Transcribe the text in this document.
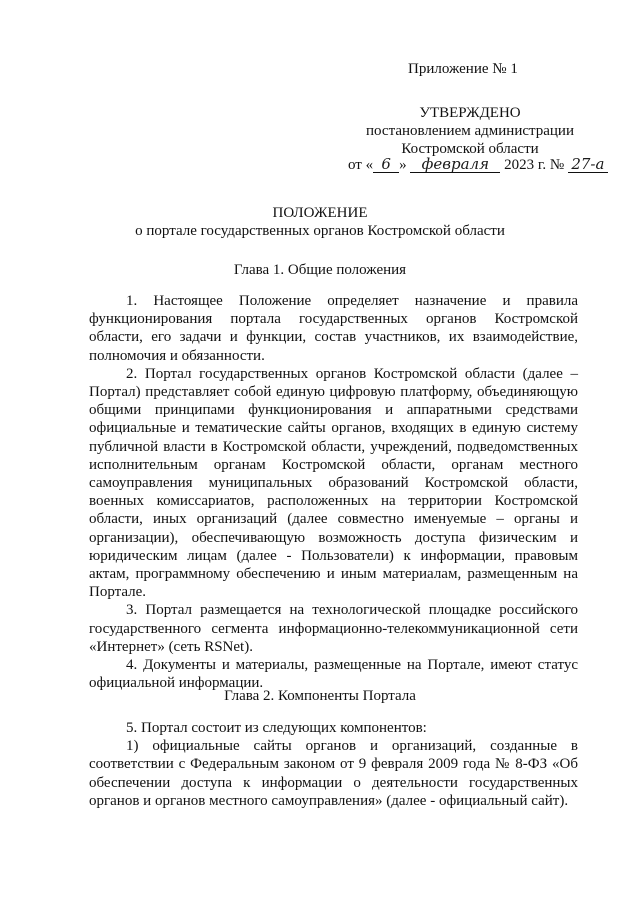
Приложение № 1
УТВЕРЖДЕНО
постановлением администрации
Костромской области
от « 6 » февраля 2023 г. № 27-а
ПОЛОЖЕНИЕ
о портале государственных органов Костромской области
Глава 1. Общие положения

1. Настоящее Положение определяет назначение и правила функционирования портала государственных органов Костромской области, его задачи и функции, состав участников, их взаимодействие, полномочия и обязанности.

2. Портал государственных органов Костромской области (далее – Портал) представляет собой единую цифровую платформу, объединяющую общими принципами функционирования и аппаратными средствами официальные и тематические сайты органов, входящих в единую систему публичной власти в Костромской области, учреждений, подведомственных исполнительным органам Костромской области, органам местного самоуправления муниципальных образований Костромской области, военных комиссариатов, расположенных на территории Костромской области, иных организаций (далее совместно именуемые – органы и организации), обеспечивающую возможность доступа физическим и юридическим лицам (далее - Пользователи) к информации, правовым актам, программному обеспечению и иным материалам, размещенным на Портале.

3. Портал размещается на технологической площадке российского государственного сегмента информационно-телекоммуникационной сети «Интернет» (сеть RSNet).

4. Документы и материалы, размещенные на Портале, имеют статус официальной информации.

Глава 2. Компоненты Портала

5. Портал состоит из следующих компонентов:

1) официальные сайты органов и организаций, созданные в соответствии с Федеральным законом от 9 февраля 2009 года № 8-ФЗ «Об обеспечении доступа к информации о деятельности государственных органов и органов местного самоуправления» (далее - официальный сайт).
